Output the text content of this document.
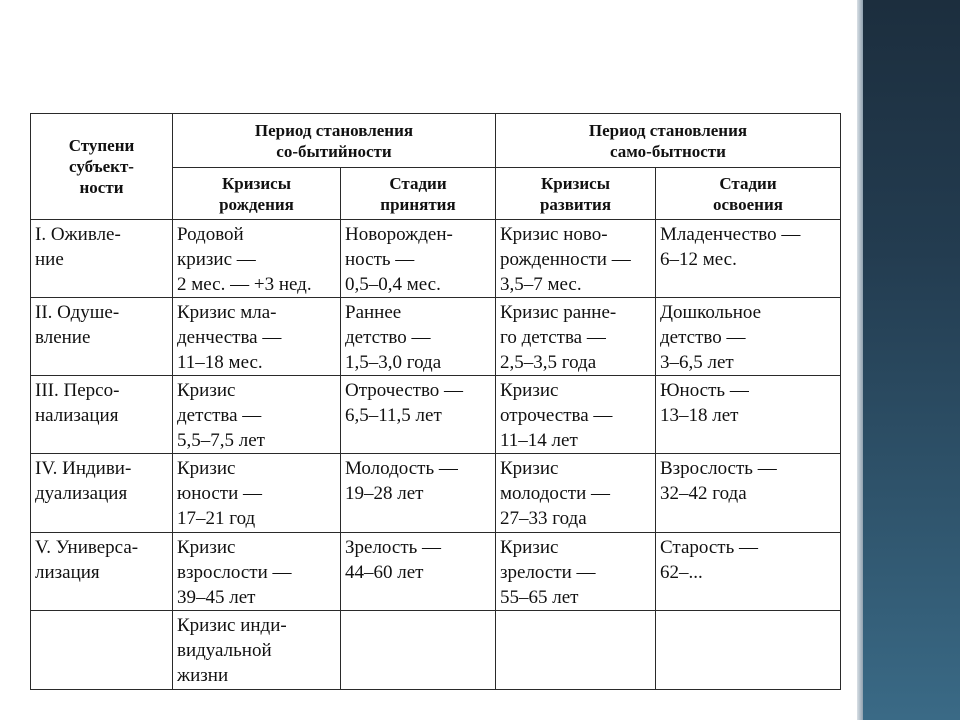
Ступени
субъект-
ности	Период становления
со-бытийности		Период становления
само-бытности	

	Кризисы
рождения	Стадии
принятия	Кризисы
развития	Стадии
освоения

I. Оживле-
ние	Родовой
кризис —
2 мес. — +3 нед.	Новорожден-
ность —
0,5–0,4 мес.	Кризис ново-
рожденности —
3,5–7 мес.	Младенчество —
6–12 мес.

II. Одуше-
вление	Кризис мла-
денчества —
11–18 мес.	Раннее
детство —
1,5–3,0 года	Кризис ранне-
го детства —
2,5–3,5 года	Дошкольное
детство —
3–6,5 лет

III. Персо-
нализация	Кризис
детства —
5,5–7,5 лет	Отрочество —
6,5–11,5 лет	Кризис
отрочества —
11–14 лет	Юность —
13–18 лет

IV. Индиви-
дуализация	Кризис
юности —
17–21 год	Молодость —
19–28 лет	Кризис
молодости —
27–33 года	Взрослость —
32–42 года

V. Универса-
лизация	Кризис
взрослости —
39–45 лет	Зрелость —
44–60 лет	Кризис
зрелости —
55–65 лет	Старость —
62–...

	Кризис инди-
видуальной
жизни			
